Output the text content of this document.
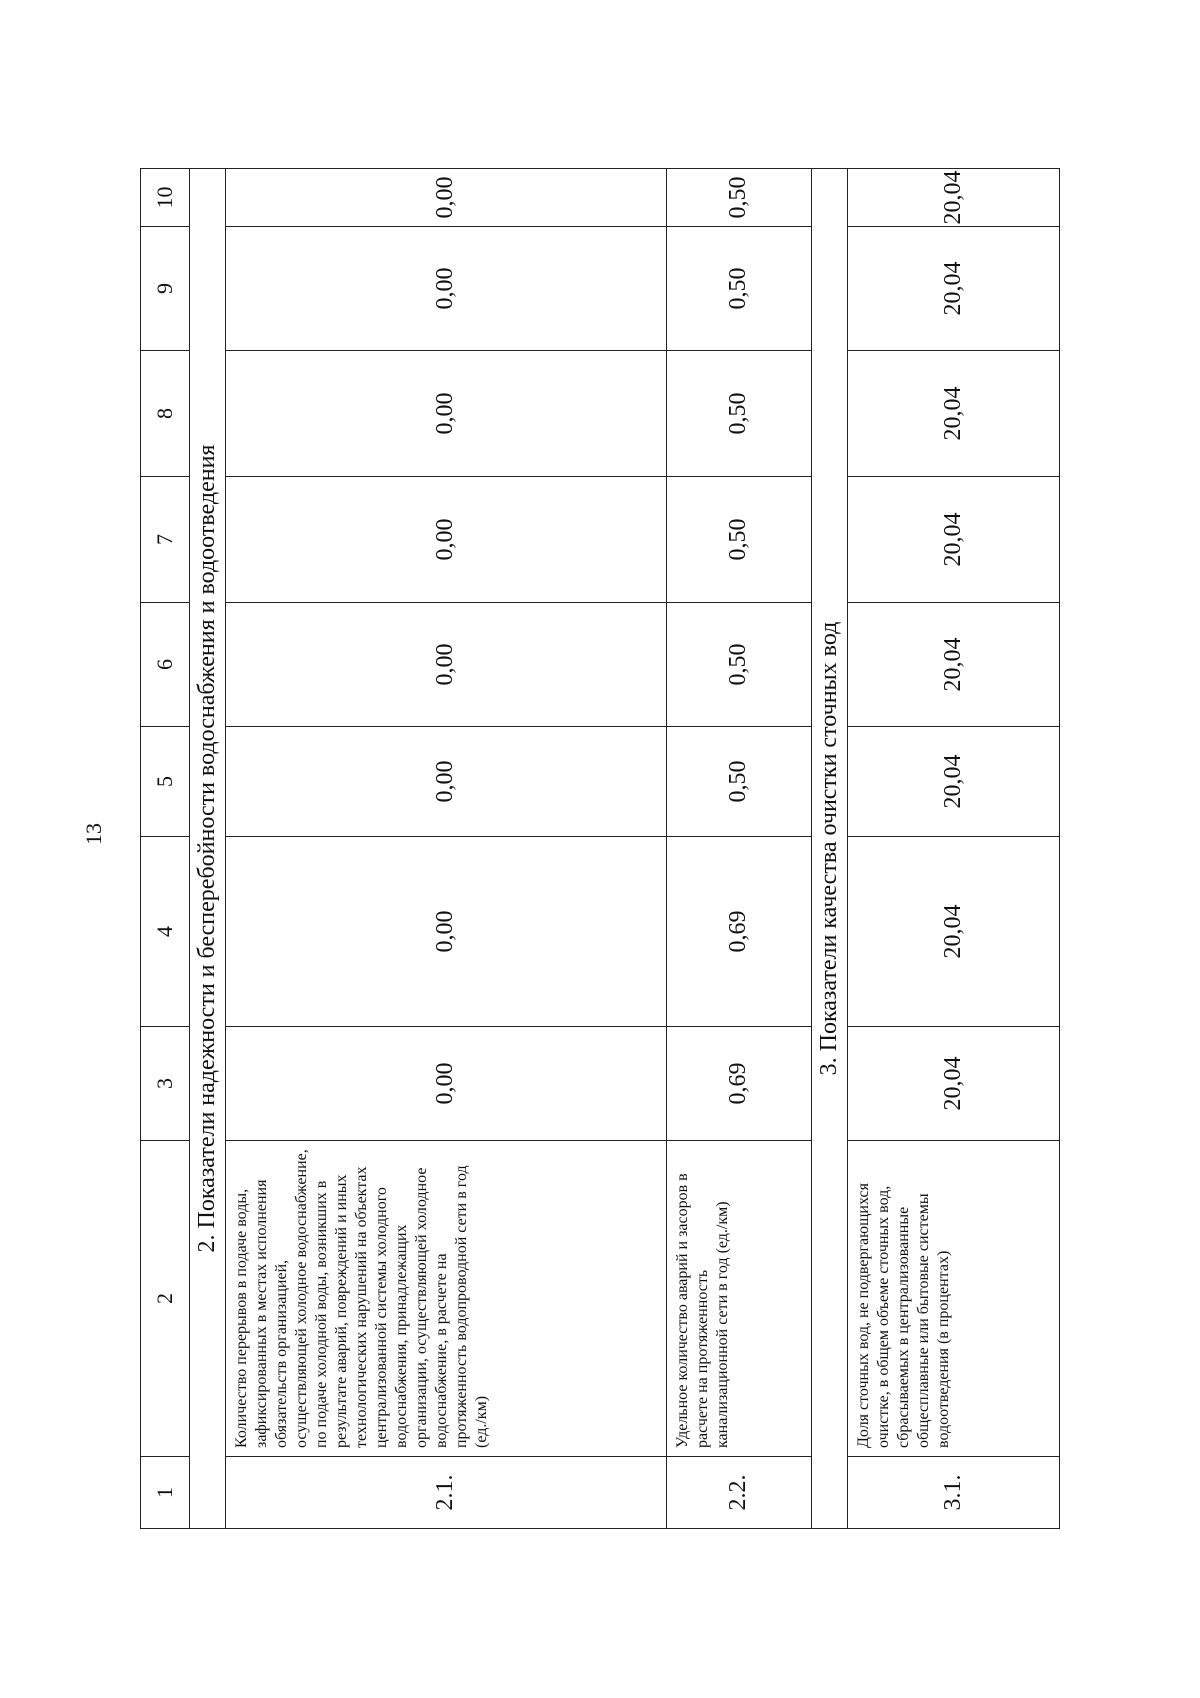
13
1	2	3	4	5	6	7	8	9	10
2. Показатели надежности и бесперебойности водоснабжения и водоотведения									
2.1.	Количество перерывов в подаче воды, зафиксированных в местах исполнения обязательств организацией, осуществляющей холодное водоснабжение, по подаче холодной воды, возникших в результате аварий, повреждений и иных технологических нарушений на объектах централизованной системы холодного водоснабжения, принадлежащих организации, осуществляющей холодное водоснабжение, в расчете на протяженность водопроводной сети в год (ед./км)	0,00	0,00	0,00	0,00	0,00	0,00	0,00	0,00
2.2.	Удельное количество аварий и засоров в расчете на протяженность канализационной сети в год (ед./км)	0,69	0,69	0,50	0,50	0,50	0,50	0,50	0,50
3. Показатели качества очистки сточных вод									
3.1.	Доля сточных вод, не подвергающихся очистке, в общем объеме сточных вод, сбрасываемых в централизованные общесплавные или бытовые системы водоотведения (в процентах)	20,04	20,04	20,04	20,04	20,04	20,04	20,04	20,04
